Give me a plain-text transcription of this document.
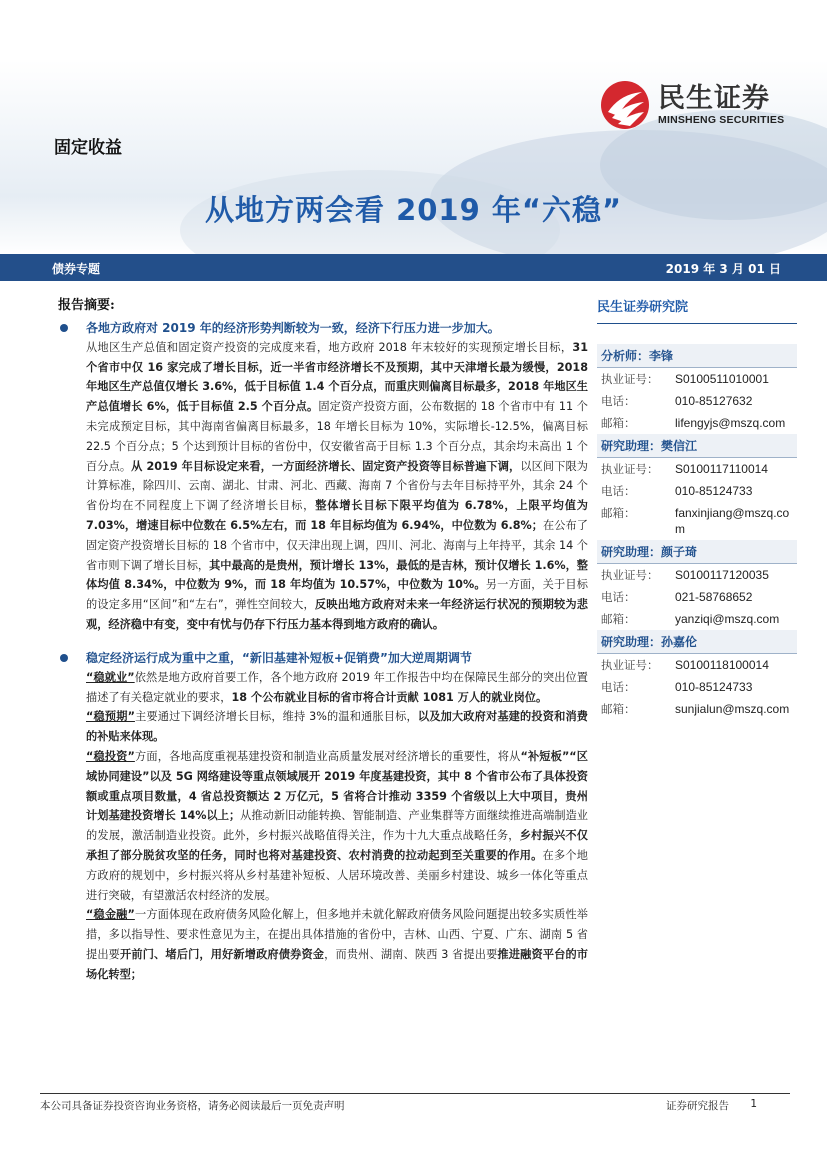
民生证券
MINSHENG SECURITIES
固定收益
从地方两会看 2019 年“六稳”
债券专题	2019 年 3 月 01 日
报告摘要:
各地方政府对 2019 年的经济形势判断较为一致，经济下行压力进一步加大。
从地区生产总值和固定资产投资的完成度来看，地方政府 2018 年末较好的实现预定增长目标，31 个省市中仅 16 家完成了增长目标，近一半省市经济增长不及预期，其中天津增长最为缓慢，2018 年地区生产总值仅增长 3.6%，低于目标值 1.4 个百分点，而重庆则偏离目标最多，2018 年地区生产总值增长 6%，低于目标值 2.5 个百分点。固定资产投资方面，公布数据的 18 个省市中有 11 个未完成预定目标，其中海南省偏离目标最多，18 年增长目标为 10%，实际增长-12.5%，偏离目标 22.5 个百分点；5 个达到预计目标的省份中，仅安徽省高于目标 1.3 个百分点，其余均未高出 1 个百分点。从 2019 年目标设定来看，一方面经济增长、固定资产投资等目标普遍下调，以区间下限为计算标准，除四川、云南、湖北、甘肃、河北、西藏、海南 7 个省份与去年目标持平外，其余 24 个省份均在不同程度上下调了经济增长目标，整体增长目标下限平均值为 6.78%，上限平均值为 7.03%，增速目标中位数在 6.5%左右，而 18 年目标均值为 6.94%，中位数为 6.8%；在公布了固定资产投资增长目标的 18 个省市中，仅天津出现上调，四川、河北、海南与上年持平，其余 14 个省市则下调了增长目标，其中最高的是贵州，预计增长 13%，最低的是吉林，预计仅增长 1.6%，整体均值 8.34%，中位数为 9%，而 18 年均值为 10.57%，中位数为 10%。另一方面，关于目标的设定多用“区间”和“左右”，弹性空间较大，反映出地方政府对未来一年经济运行状况的预期较为悲观，经济稳中有变，变中有忧与仍存下行压力基本得到地方政府的确认。
稳定经济运行成为重中之重，“新旧基建补短板+促销费”加大逆周期调节
“稳就业”依然是地方政府首要工作，各个地方政府 2019 年工作报告中均在保障民生部分的突出位置描述了有关稳定就业的要求，18 个公布就业目标的省市将合计贡献 1081 万人的就业岗位。
“稳预期”主要通过下调经济增长目标，维持 3%的温和通胀目标，以及加大政府对基建的投资和消费的补贴来体现。
“稳投资”方面，各地高度重视基建投资和制造业高质量发展对经济增长的重要性，将从“补短板”“区域协同建设”以及 5G 网络建设等重点领域展开 2019 年度基建投资，其中 8 个省市公布了具体投资额或重点项目数量，4 省总投资额达 2 万亿元，5 省将合计推动 3359 个省级以上大中项目，贵州计划基建投资增长 14%以上；从推动新旧动能转换、智能制造、产业集群等方面继续推进高端制造业的发展，激活制造业投资。此外，乡村振兴战略值得关注，作为十九大重点战略任务，乡村振兴不仅承担了部分脱贫攻坚的任务，同时也将对基建投资、农村消费的拉动起到至关重要的作用。在多个地方政府的规划中，乡村振兴将从乡村基建补短板、人居环境改善、美丽乡村建设、城乡一体化等重点进行突破，有望激活农村经济的发展。
“稳金融”一方面体现在政府债务风险化解上，但多地并未就化解政府债务风险问题提出较多实质性举措，多以指导性、要求性意见为主，在提出具体措施的省份中，吉林、山西、宁夏、广东、湖南 5 省提出要开前门、堵后门，用好新增政府债券资金，而贵州、湖南、陕西 3 省提出要推进融资平台的市场化转型；
民生证券研究院
分析师：李锋
执业证号：	S0100511010001
电话：	010-85127632
邮箱：	lifengyjs@mszq.com
研究助理：樊信江
执业证号：	S0100117110014
电话：	010-85124733
邮箱：	fanxinjiang@mszq.com
研究助理：颜子琦
执业证号：	S0100117120035
电话：	021-58768652
邮箱：	yanziqi@mszq.com
研究助理：孙嘉伦
执业证号：	S0100118100014
电话：	010-85124733
邮箱：	sunjialun@mszq.com
本公司具备证券投资咨询业务资格，请务必阅读最后一页免责声明	证券研究报告 1
